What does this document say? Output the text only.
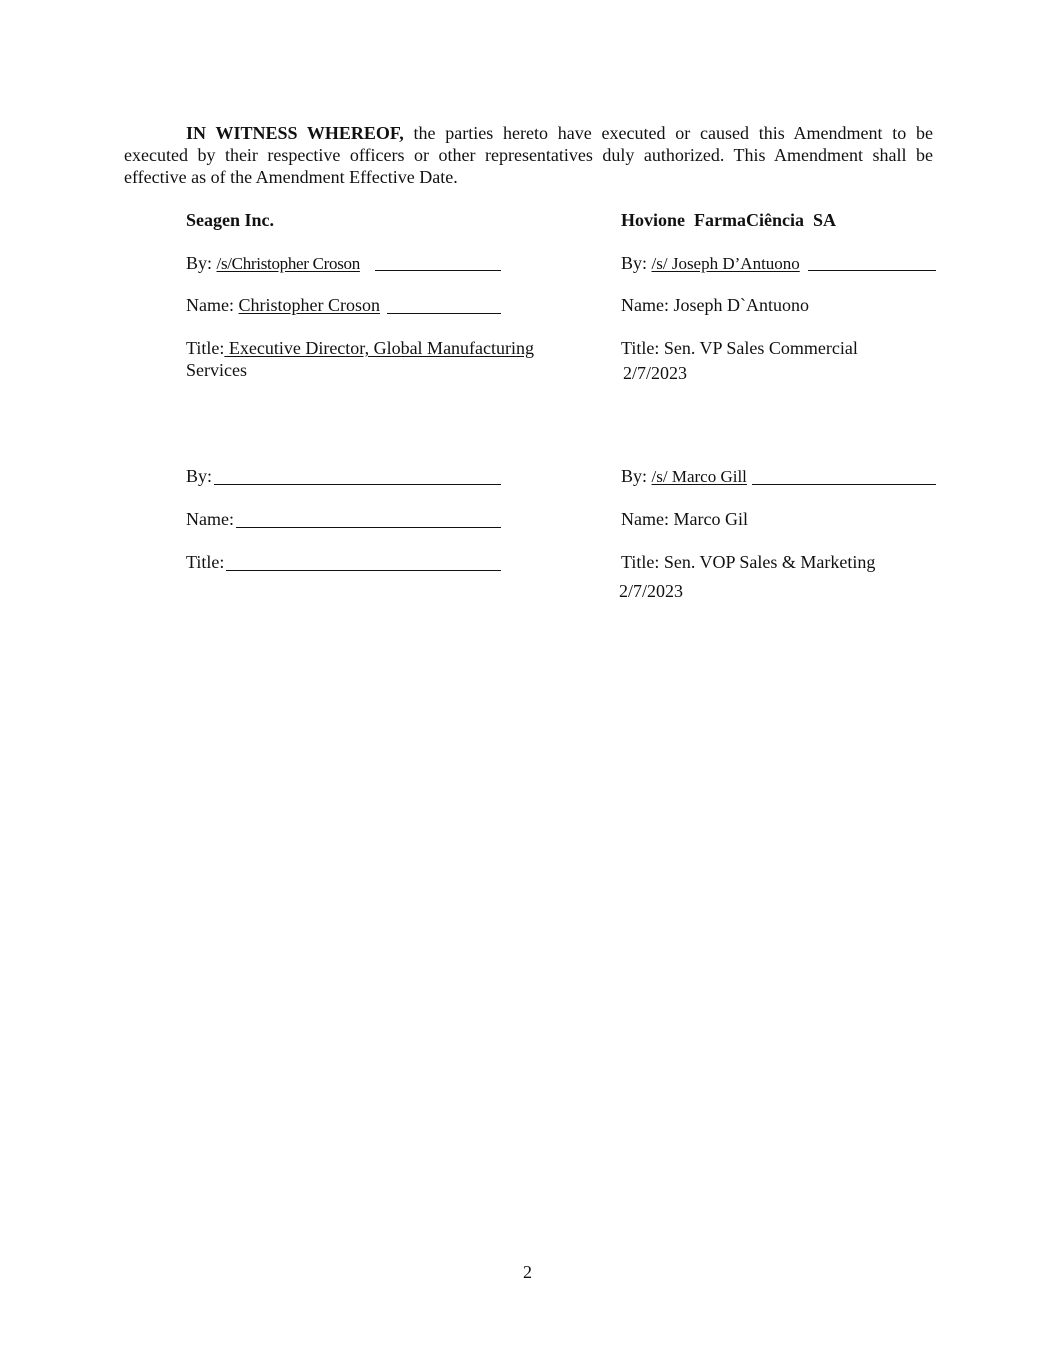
IN WITNESS WHEREOF, the parties hereto have executed or caused this Amendment to be executed by their respective officers or other representatives duly authorized. This Amendment shall be effective as of the Amendment Effective Date.

Seagen Inc.
By: /s/Christopher Croson
Name: Christopher Croson
Title: Executive Director, Global Manufacturing
Services
By:
Name:
Title:
Hovione  FarmaCiência  SA
By: /s/ Joseph D’Antuono
Name: Joseph D`Antuono
Title: Sen. VP Sales Commercial
2/7/2023
By: /s/ Marco Gill
Name: Marco Gil
Title: Sen. VOP Sales & Marketing
2/7/2023
2
